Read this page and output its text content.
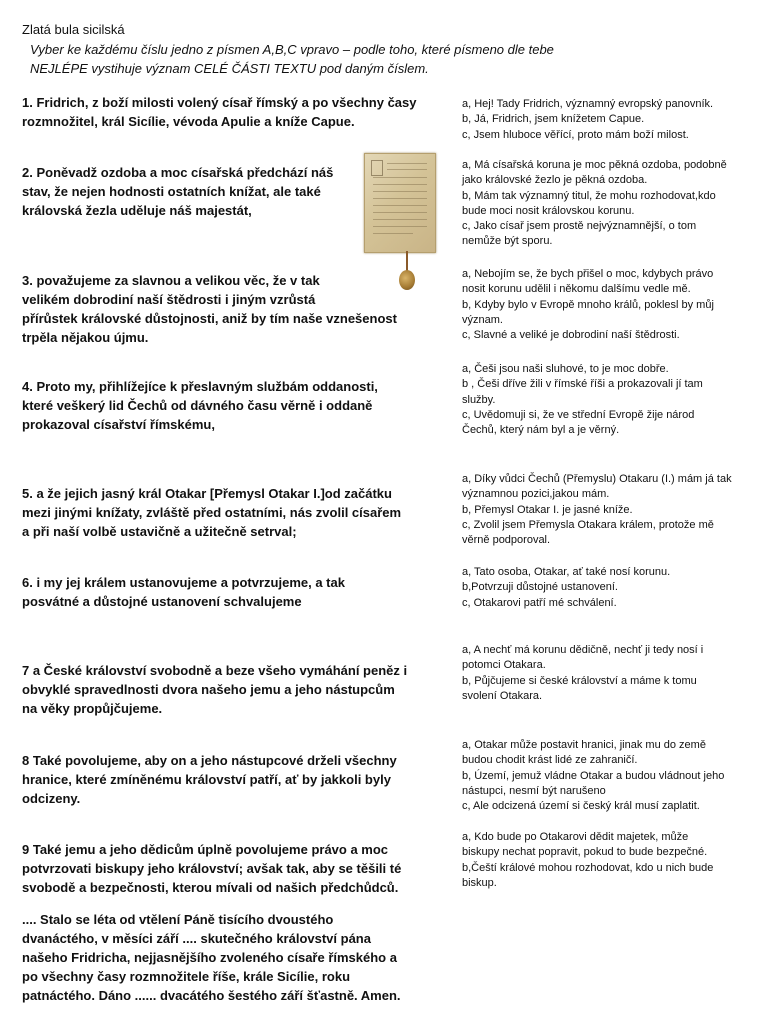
Zlatá bula sicilská
Vyber ke každému číslu jedno z písmen A,B,C vpravo – podle toho, které písmeno dle tebe
NEJLÉPE vystihuje význam CELÉ ČÁSTI TEXTU pod daným číslem.
1. Fridrich, z boží milosti volený císař římský a po všechny časy
rozmnožitel, král Sicílie, vévoda Apulie a kníže Capue.
a, Hej! Tady Fridrich, významný evropský panovník.
b, Já, Fridrich, jsem knížetem Capue.
c, Jsem hluboce věřící, proto mám boží milost.
2. Poněvadž ozdoba a moc císařská předchází náš
stav, že nejen hodnosti ostatních knížat, ale také
královská žezla uděluje náš majestát,
a, Má císařská koruna je moc pěkná ozdoba, podobně
jako královské žezlo je pěkná ozdoba.
b, Mám tak významný titul, že mohu rozhodovat,kdo
bude moci nosit královskou korunu.
c, Jako císař jsem prostě nejvýznamnější, o tom
nemůže být sporu.
3. považujeme za slavnou a velikou věc, že v tak
velikém dobrodiní naší štědrosti i jiným vzrůstá
přírůstek královské důstojnosti, aniž by tím naše vznešenost
trpěla nějakou újmu.
a, Nebojím se, že bych přišel o moc, kdybych právo
nosit korunu udělil i někomu dalšímu vedle mě.
b, Kdyby bylo v Evropě mnoho králů, poklesl by můj
význam.
c, Slavné a veliké je dobrodiní naší štědrosti.
4. Proto my, přihlížejíce k přeslavným službám oddanosti,
které veškerý lid Čechů od dávného času věrně i oddaně
prokazoval císařství římskému,
a, Češi jsou naši sluhové, to je moc dobře.
b , Češi dříve žili v římské říši a prokazovali jí tam
služby.
c, Uvědomuji si, že ve střední Evropě žije národ
Čechů, který nám byl a je věrný.
5. a že jejich jasný král Otakar [Přemysl Otakar I.]od začátku
mezi jinými knížaty, zvláště před ostatními, nás zvolil císařem
a při naší volbě ustavičně a užitečně setrval;
a, Díky vůdci Čechů (Přemyslu) Otakaru (I.) mám já tak
významnou pozici,jakou mám.
b, Přemysl Otakar I. je jasné kníže.
c, Zvolil jsem Přemysla Otakara králem, protože mě
věrně podporoval.
6. i my jej králem ustanovujeme a potvrzujeme, a tak
posvátné a důstojné ustanovení schvalujeme
a, Tato osoba, Otakar, ať také nosí korunu.
b,Potvrzuji důstojné ustanovení.
c, Otakarovi patří mé schválení.
7 a České království svobodně a beze všeho vymáhání peněz i
obvyklé spravedlnosti dvora našeho jemu a jeho nástupcům
na věky propůjčujeme.
a, A nechť má korunu dědičně, nechť ji tedy nosí i
potomci Otakara.
b, Půjčujeme si české království a máme k tomu
svolení Otakara.
8 Také povolujeme, aby on a jeho nástupcové drželi všechny
hranice, které zmíněnému království patří, ať by jakkoli byly
odcizeny.
a, Otakar může postavit hranici, jinak mu do země
budou chodit krást lidé ze zahraničí.
b, Území, jemuž vládne Otakar a budou vládnout jeho
nástupci, nesmí být narušeno
c, Ale odcizená území si český král musí zaplatit.
9 Také jemu a jeho dědicům úplně povolujeme právo a moc
potvrzovati biskupy jeho království; avšak tak, aby se těšili té
svobodě a bezpečnosti, kterou mívali od našich předchůdců.
a, Kdo bude po Otakarovi dědit majetek, může
biskupy nechat popravit, pokud to bude bezpečné.
b,Čeští králové mohou rozhodovat, kdo u nich bude
biskup.
.... Stalo se léta od vtělení Páně tisícího dvoustého
dvanáctého, v měsíci září .... skutečného království pána
našeho Fridricha, nejjasnějšího zvoleného císaře římského a
po všechny časy rozmnožitele říše, krále Sicílie, roku
patnáctého. Dáno ...... dvacátého šestého září šťastně. Amen.
